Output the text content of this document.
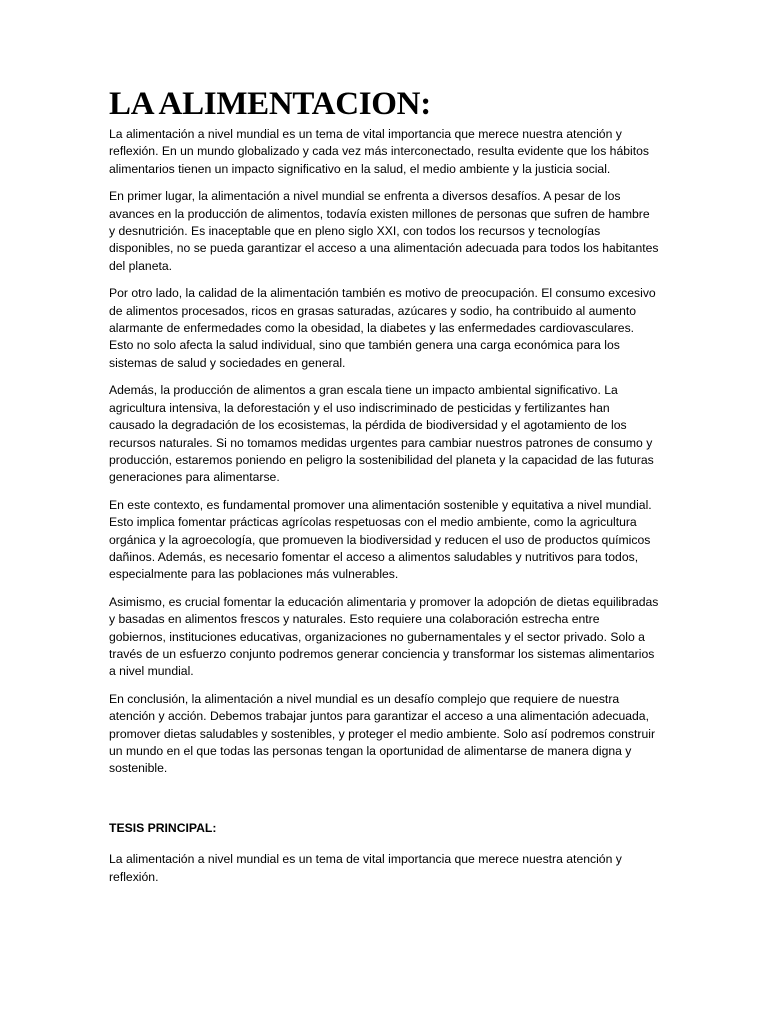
LA ALIMENTACION:

La alimentación a nivel mundial es un tema de vital importancia que merece nuestra atención y reflexión. En un mundo globalizado y cada vez más interconectado, resulta evidente que los hábitos alimentarios tienen un impacto significativo en la salud, el medio ambiente y la justicia social.

En primer lugar, la alimentación a nivel mundial se enfrenta a diversos desafíos. A pesar de los avances en la producción de alimentos, todavía existen millones de personas que sufren de hambre y desnutrición. Es inaceptable que en pleno siglo XXI, con todos los recursos y tecnologías disponibles, no se pueda garantizar el acceso a una alimentación adecuada para todos los habitantes del planeta.

Por otro lado, la calidad de la alimentación también es motivo de preocupación. El consumo excesivo de alimentos procesados, ricos en grasas saturadas, azúcares y sodio, ha contribuido al aumento alarmante de enfermedades como la obesidad, la diabetes y las enfermedades cardiovasculares. Esto no solo afecta la salud individual, sino que también genera una carga económica para los sistemas de salud y sociedades en general.

Además, la producción de alimentos a gran escala tiene un impacto ambiental significativo. La agricultura intensiva, la deforestación y el uso indiscriminado de pesticidas y fertilizantes han causado la degradación de los ecosistemas, la pérdida de biodiversidad y el agotamiento de los recursos naturales. Si no tomamos medidas urgentes para cambiar nuestros patrones de consumo y producción, estaremos poniendo en peligro la sostenibilidad del planeta y la capacidad de las futuras generaciones para alimentarse.

En este contexto, es fundamental promover una alimentación sostenible y equitativa a nivel mundial. Esto implica fomentar prácticas agrícolas respetuosas con el medio ambiente, como la agricultura orgánica y la agroecología, que promueven la biodiversidad y reducen el uso de productos químicos dañinos. Además, es necesario fomentar el acceso a alimentos saludables y nutritivos para todos, especialmente para las poblaciones más vulnerables.

Asimismo, es crucial fomentar la educación alimentaria y promover la adopción de dietas equilibradas y basadas en alimentos frescos y naturales. Esto requiere una colaboración estrecha entre gobiernos, instituciones educativas, organizaciones no gubernamentales y el sector privado. Solo a través de un esfuerzo conjunto podremos generar conciencia y transformar los sistemas alimentarios a nivel mundial.

En conclusión, la alimentación a nivel mundial es un desafío complejo que requiere de nuestra atención y acción. Debemos trabajar juntos para garantizar el acceso a una alimentación adecuada, promover dietas saludables y sostenibles, y proteger el medio ambiente. Solo así podremos construir un mundo en el que todas las personas tengan la oportunidad de alimentarse de manera digna y sostenible.

TESIS PRINCIPAL:

La alimentación a nivel mundial es un tema de vital importancia que merece nuestra atención y reflexión.
